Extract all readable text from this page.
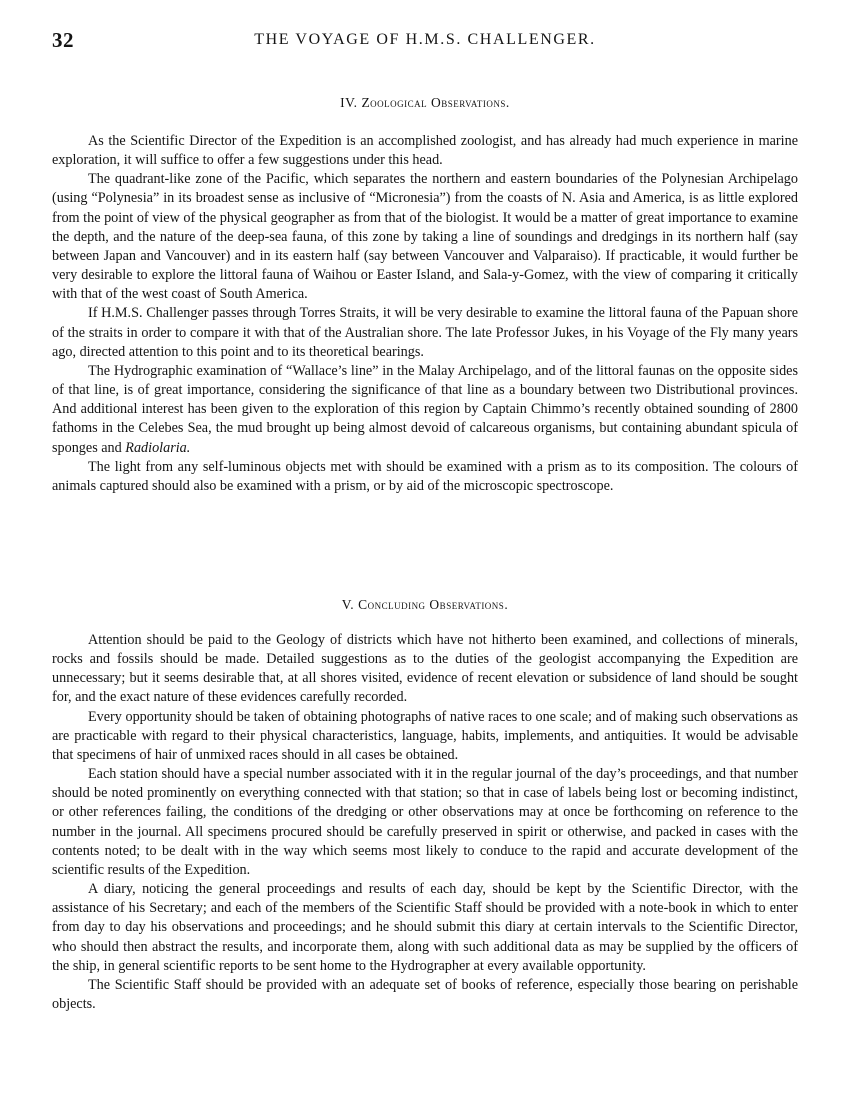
32	THE VOYAGE OF H.M.S. CHALLENGER.
IV. Zoological Observations.

As the Scientific Director of the Expedition is an accomplished zoologist, and has already had much experience in marine exploration, it will suffice to offer a few suggestions under this head.

The quadrant-like zone of the Pacific, which separates the northern and eastern boundaries of the Polynesian Archipelago (using “Polynesia” in its broadest sense as inclusive of “Micronesia”) from the coasts of N. Asia and America, is as little explored from the point of view of the physical geographer as from that of the biologist. It would be a matter of great importance to examine the depth, and the nature of the deep-sea fauna, of this zone by taking a line of soundings and dredgings in its northern half (say between Japan and Vancouver) and in its eastern half (say between Vancouver and Valparaiso). If practicable, it would further be very desirable to explore the littoral fauna of Waihou or Easter Island, and Sala-y-Gomez, with the view of comparing it critically with that of the west coast of South America.

If H.M.S. Challenger passes through Torres Straits, it will be very desirable to examine the littoral fauna of the Papuan shore of the straits in order to compare it with that of the Australian shore. The late Professor Jukes, in his Voyage of the Fly many years ago, directed attention to this point and to its theoretical bearings.

The Hydrographic examination of “Wallace’s line” in the Malay Archipelago, and of the littoral faunas on the opposite sides of that line, is of great importance, considering the significance of that line as a boundary between two Distributional provinces. And additional interest has been given to the exploration of this region by Captain Chimmo’s recently obtained sounding of 2800 fathoms in the Celebes Sea, the mud brought up being almost devoid of calcareous organisms, but containing abundant spicula of sponges and Radiolaria.

The light from any self-luminous objects met with should be examined with a prism as to its composition. The colours of animals captured should also be examined with a prism, or by aid of the microscopic spectroscope.

V. Concluding Observations.

Attention should be paid to the Geology of districts which have not hitherto been examined, and collections of minerals, rocks and fossils should be made. Detailed suggestions as to the duties of the geologist accompanying the Expedition are unnecessary; but it seems desirable that, at all shores visited, evidence of recent elevation or subsidence of land should be sought for, and the exact nature of these evidences carefully recorded.

Every opportunity should be taken of obtaining photographs of native races to one scale; and of making such observations as are practicable with regard to their physical characteristics, language, habits, implements, and antiquities. It would be advisable that specimens of hair of unmixed races should in all cases be obtained.

Each station should have a special number associated with it in the regular journal of the day’s proceedings, and that number should be noted prominently on everything connected with that station; so that in case of labels being lost or becoming indistinct, or other references failing, the conditions of the dredging or other observations may at once be forthcoming on reference to the number in the journal. All specimens procured should be carefully preserved in spirit or otherwise, and packed in cases with the contents noted; to be dealt with in the way which seems most likely to conduce to the rapid and accurate development of the scientific results of the Expedition.

A diary, noticing the general proceedings and results of each day, should be kept by the Scientific Director, with the assistance of his Secretary; and each of the members of the Scientific Staff should be provided with a note-book in which to enter from day to day his observations and proceedings; and he should submit this diary at certain intervals to the Scientific Director, who should then abstract the results, and incorporate them, along with such additional data as may be supplied by the officers of the ship, in general scientific reports to be sent home to the Hydrographer at every available opportunity.

The Scientific Staff should be provided with an adequate set of books of reference, especially those bearing on perishable objects.
